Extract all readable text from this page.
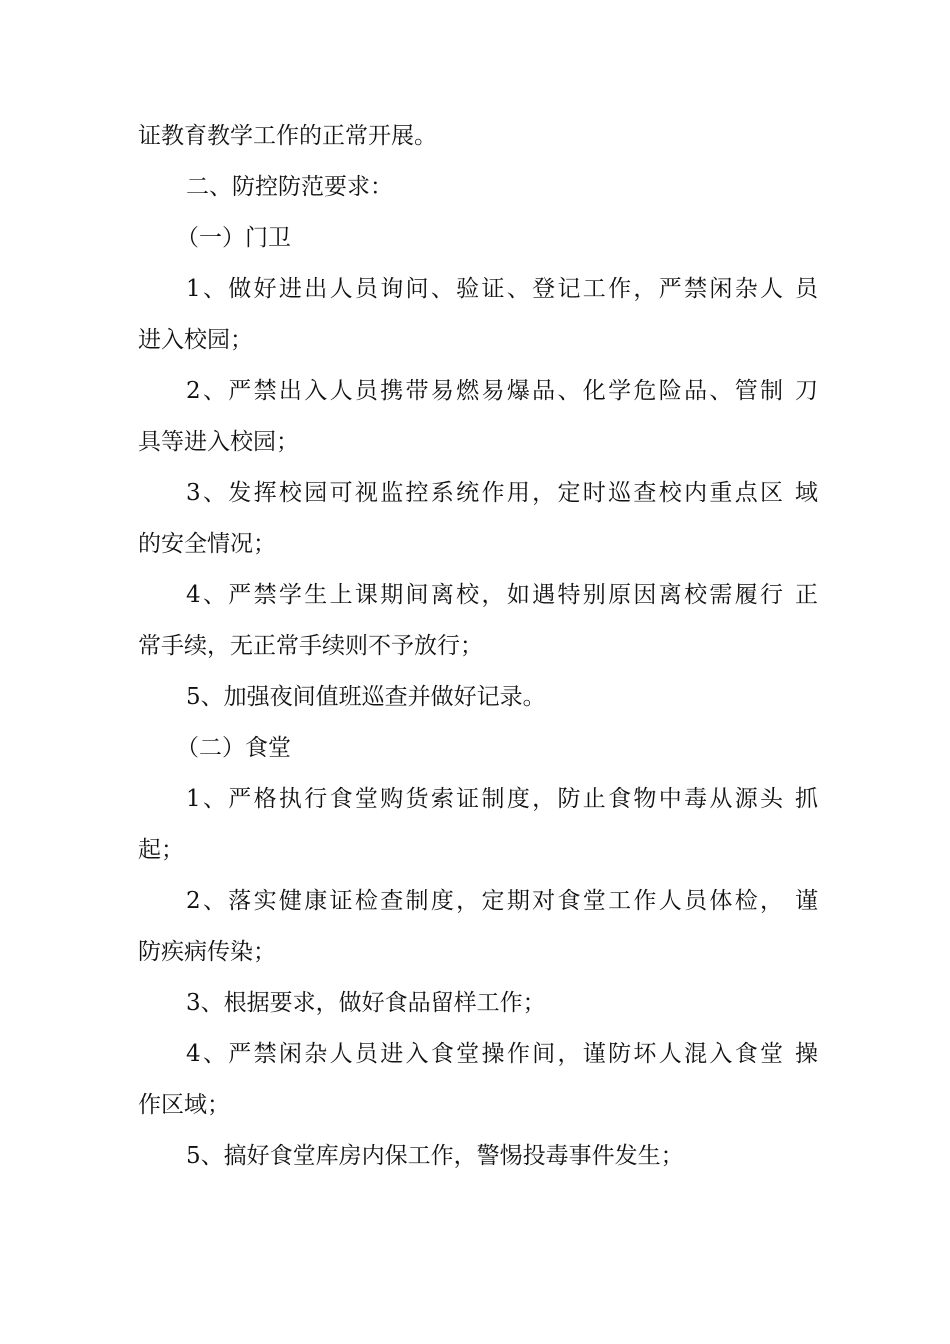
证教育教学工作的正常开展。
二、防控防范要求：
（一）门卫
1、做好进出人员询问、验证、登记工作，严禁闲杂人 员
进入校园；
2、严禁出入人员携带易燃易爆品、化学危险品、管制 刀
具等进入校园；
3、发挥校园可视监控系统作用，定时巡查校内重点区 域
的安全情况；
4、严禁学生上课期间离校，如遇特别原因离校需履行 正
常手续，无正常手续则不予放行；
5、加强夜间值班巡查并做好记录。
（二）食堂
1、严格执行食堂购货索证制度，防止食物中毒从源头 抓
起；
2、落实健康证检查制度，定期对食堂工作人员体检， 谨
防疾病传染；
3、根据要求，做好食品留样工作；
4、严禁闲杂人员进入食堂操作间，谨防坏人混入食堂 操
作区域；
5、搞好食堂库房内保工作，警惕投毒事件发生；
